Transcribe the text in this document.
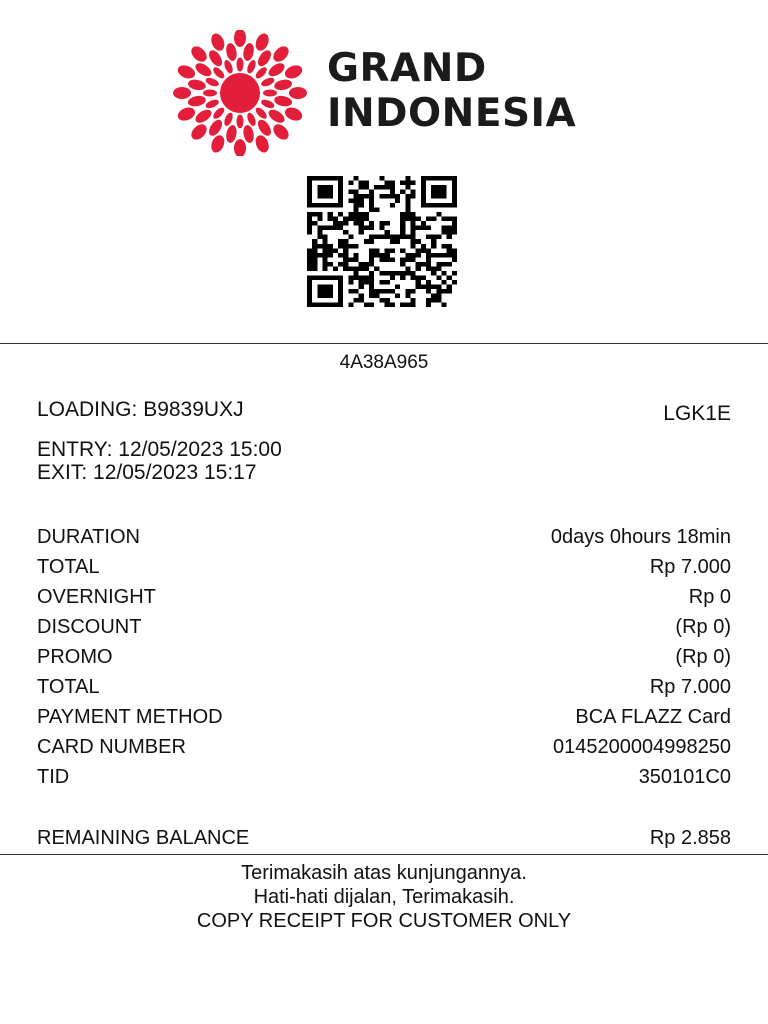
GRAND
INDONESIA
4A38A965
LOADING: B9839UXJ	LGK1E
ENTRY: 12/05/2023 15:00
EXIT: 12/05/2023 15:17
DURATION	0days 0hours 18min
TOTAL	Rp 7.000
OVERNIGHT	Rp 0
DISCOUNT	(Rp 0)
PROMO	(Rp 0)
TOTAL	Rp 7.000
PAYMENT METHOD	BCA FLAZZ Card
CARD NUMBER	0145200004998250
TID	350101C0
REMAINING BALANCE	Rp 2.858
Terimakasih atas kunjungannya.
Hati-hati dijalan, Terimakasih.
COPY RECEIPT FOR CUSTOMER ONLY
